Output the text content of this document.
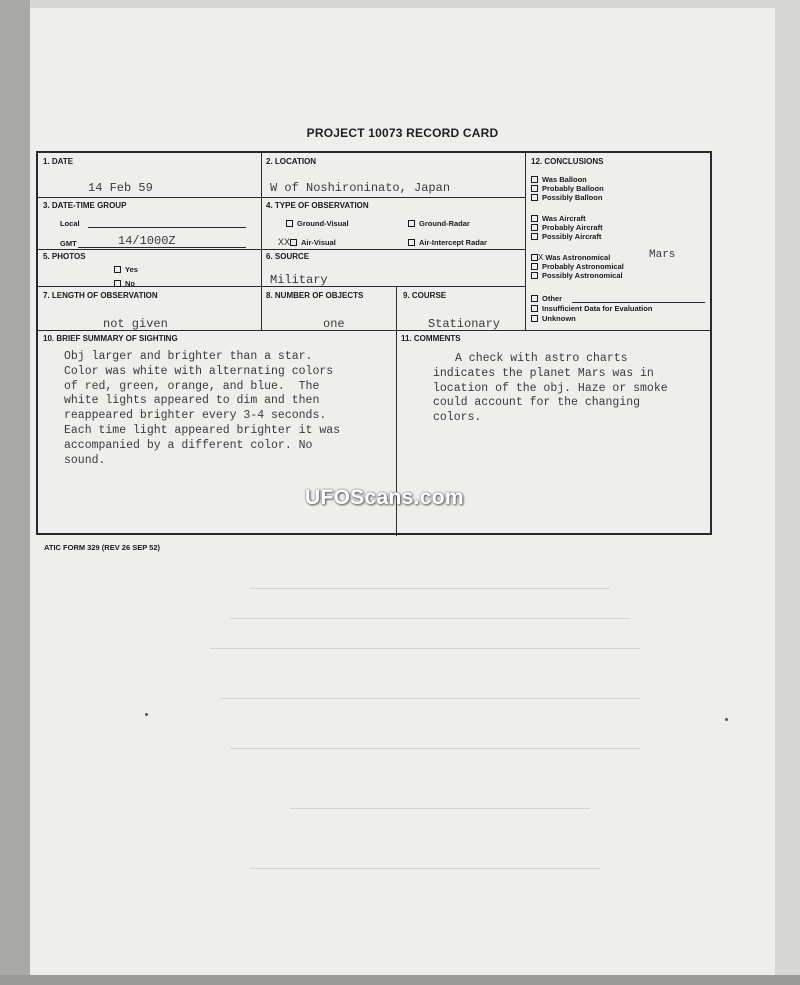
PROJECT 10073 RECORD CARD
1. DATE
14 Feb 59
2. LOCATION
W of Noshironinato, Japan
3. DATE-TIME GROUP
Local
GMT	14/1000Z
4. TYPE OF OBSERVATION
Ground-Visual	Ground-Radar
XX Air-Visual	Air-Intercept Radar
5. PHOTOS
Yes
No
6. SOURCE
Military
7. LENGTH OF OBSERVATION
not given
8. NUMBER OF OBJECTS
one
9. COURSE
Stationary
12. CONCLUSIONS
Was Balloon
Probably Balloon
Possibly Balloon
Was Aircraft
Probably Aircraft
Possibly Aircraft
X Was Astronomical	Mars
Probably Astronomical
Possibly Astronomical
Other
Insufficient Data for Evaluation
Unknown
10. BRIEF SUMMARY OF SIGHTING
Obj larger and brighter than a star.
Color was white with alternating colors
of red, green, orange, and blue.  The
white lights appeared to dim and then
reappeared brighter every 3-4 seconds.
Each time light appeared brighter it was
accompanied by a different color. No
sound.
11. COMMENTS
A check with astro charts
indicates the planet Mars was in
location of the obj. Haze or smoke
could account for the changing
colors.
ATIC FORM 329 (REV 26 SEP 52)
UFOScans.com
